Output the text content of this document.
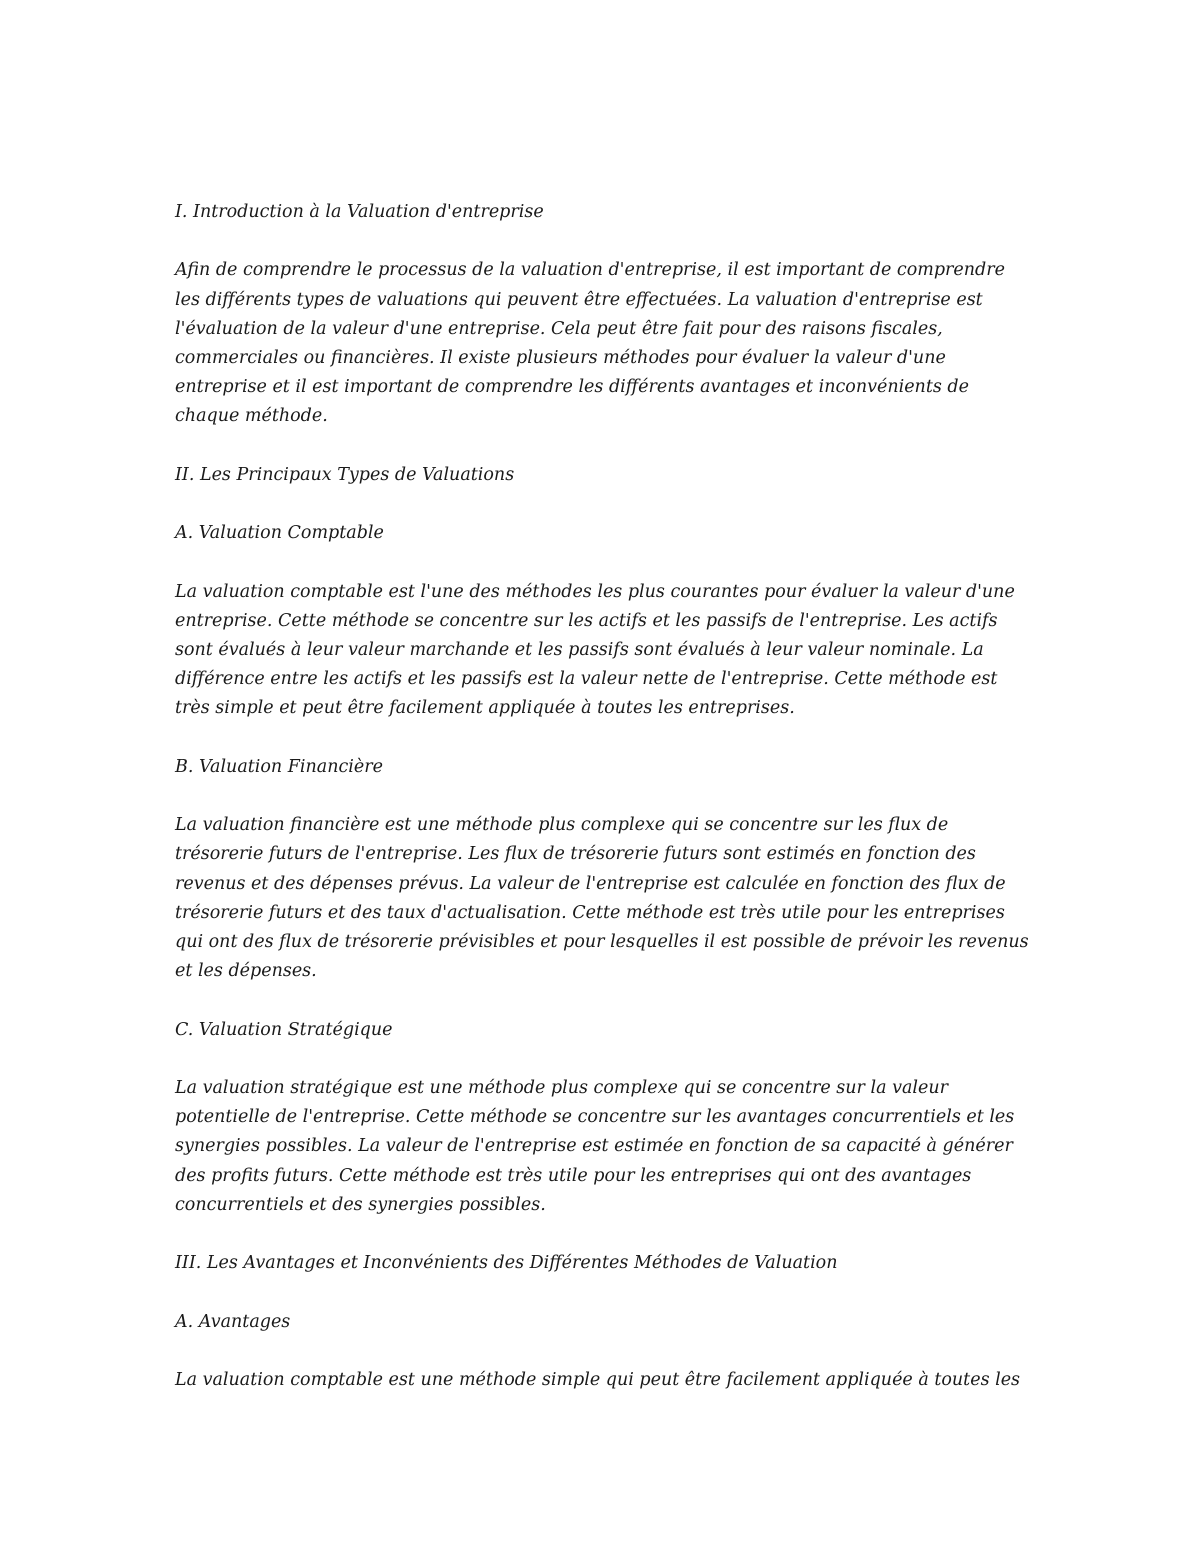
I. Introduction à la Valuation d'entreprise

Afin de comprendre le processus de la valuation d'entreprise, il est important de comprendre les différents types de valuations qui peuvent être effectuées. La valuation d'entreprise est l'évaluation de la valeur d'une entreprise. Cela peut être fait pour des raisons fiscales, commerciales ou financières. Il existe plusieurs méthodes pour évaluer la valeur d'une entreprise et il est important de comprendre les différents avantages et inconvénients de chaque méthode.

II. Les Principaux Types de Valuations

A. Valuation Comptable

La valuation comptable est l'une des méthodes les plus courantes pour évaluer la valeur d'une entreprise. Cette méthode se concentre sur les actifs et les passifs de l'entreprise. Les actifs sont évalués à leur valeur marchande et les passifs sont évalués à leur valeur nominale. La différence entre les actifs et les passifs est la valeur nette de l'entreprise. Cette méthode est très simple et peut être facilement appliquée à toutes les entreprises.

B. Valuation Financière

La valuation financière est une méthode plus complexe qui se concentre sur les flux de trésorerie futurs de l'entreprise. Les flux de trésorerie futurs sont estimés en fonction des revenus et des dépenses prévus. La valeur de l'entreprise est calculée en fonction des flux de trésorerie futurs et des taux d'actualisation. Cette méthode est très utile pour les entreprises qui ont des flux de trésorerie prévisibles et pour lesquelles il est possible de prévoir les revenus et les dépenses.

C. Valuation Stratégique

La valuation stratégique est une méthode plus complexe qui se concentre sur la valeur potentielle de l'entreprise. Cette méthode se concentre sur les avantages concurrentiels et les synergies possibles. La valeur de l'entreprise est estimée en fonction de sa capacité à générer des profits futurs. Cette méthode est très utile pour les entreprises qui ont des avantages concurrentiels et des synergies possibles.

III. Les Avantages et Inconvénients des Différentes Méthodes de Valuation

A. Avantages

La valuation comptable est une méthode simple qui peut être facilement appliquée à toutes les
